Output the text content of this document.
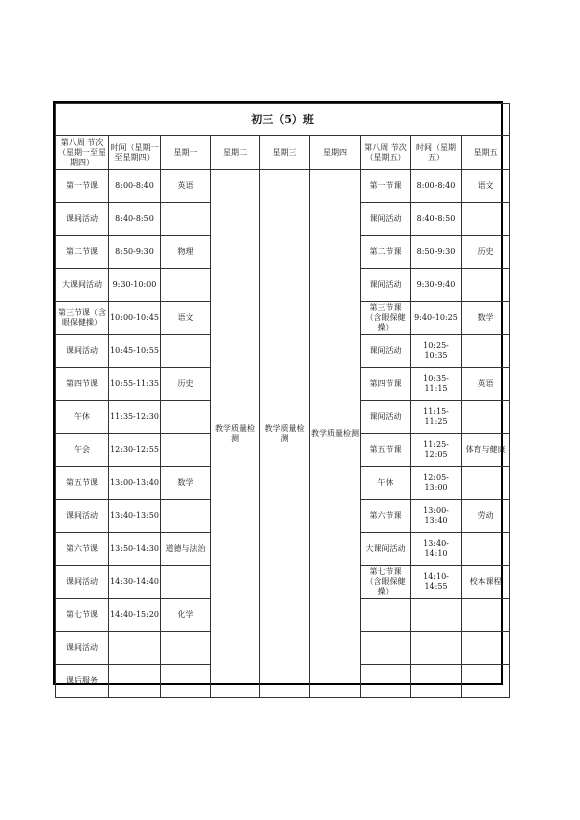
初三（5）班								
第八周 节次（星期一至星期四）	时间（星期一至星期四）	星期一	星期二	星期三	星期四	第八周 节次（星期五）	时间（星期五）	星期五
第一节课	8:00-8:40	英语	教学质量检测	教学质量检测	教学质量检测	第一节课	8:00-8:40	语文
课间活动	8:40-8:50					课间活动	8:40-8:50	
第二节课	8:50-9:30	物理				第二节课	8:50-9:30	历史
大课间活动	9:30-10:00					课间活动	9:30-9:40	
第三节课（含眼保健操）	10:00-10:45	语文				第三节课（含眼保健操）	9:40-10:25	数学
课间活动	10:45-10:55					课间活动	10:25-10:35	
第四节课	10:55-11:35	历史				第四节课	10:35-11:15	英语
午休	11:35-12:30					课间活动	11:15-11:25	
午会	12:30-12:55					第五节课	11:25-12:05	体育与健康
第五节课	13:00-13:40	数学				午休	12:05-13:00	
课间活动	13:40-13:50					第六节课	13:00-13:40	劳动
第六节课	13:50-14:30	道德与法治				大课间活动	13:40-14:10	
课间活动	14:30-14:40					第七节课（含眼保健操）	14:10-14:55	校本课程
第七节课	14:40-15:20	化学						
课间活动								
课后服务								
